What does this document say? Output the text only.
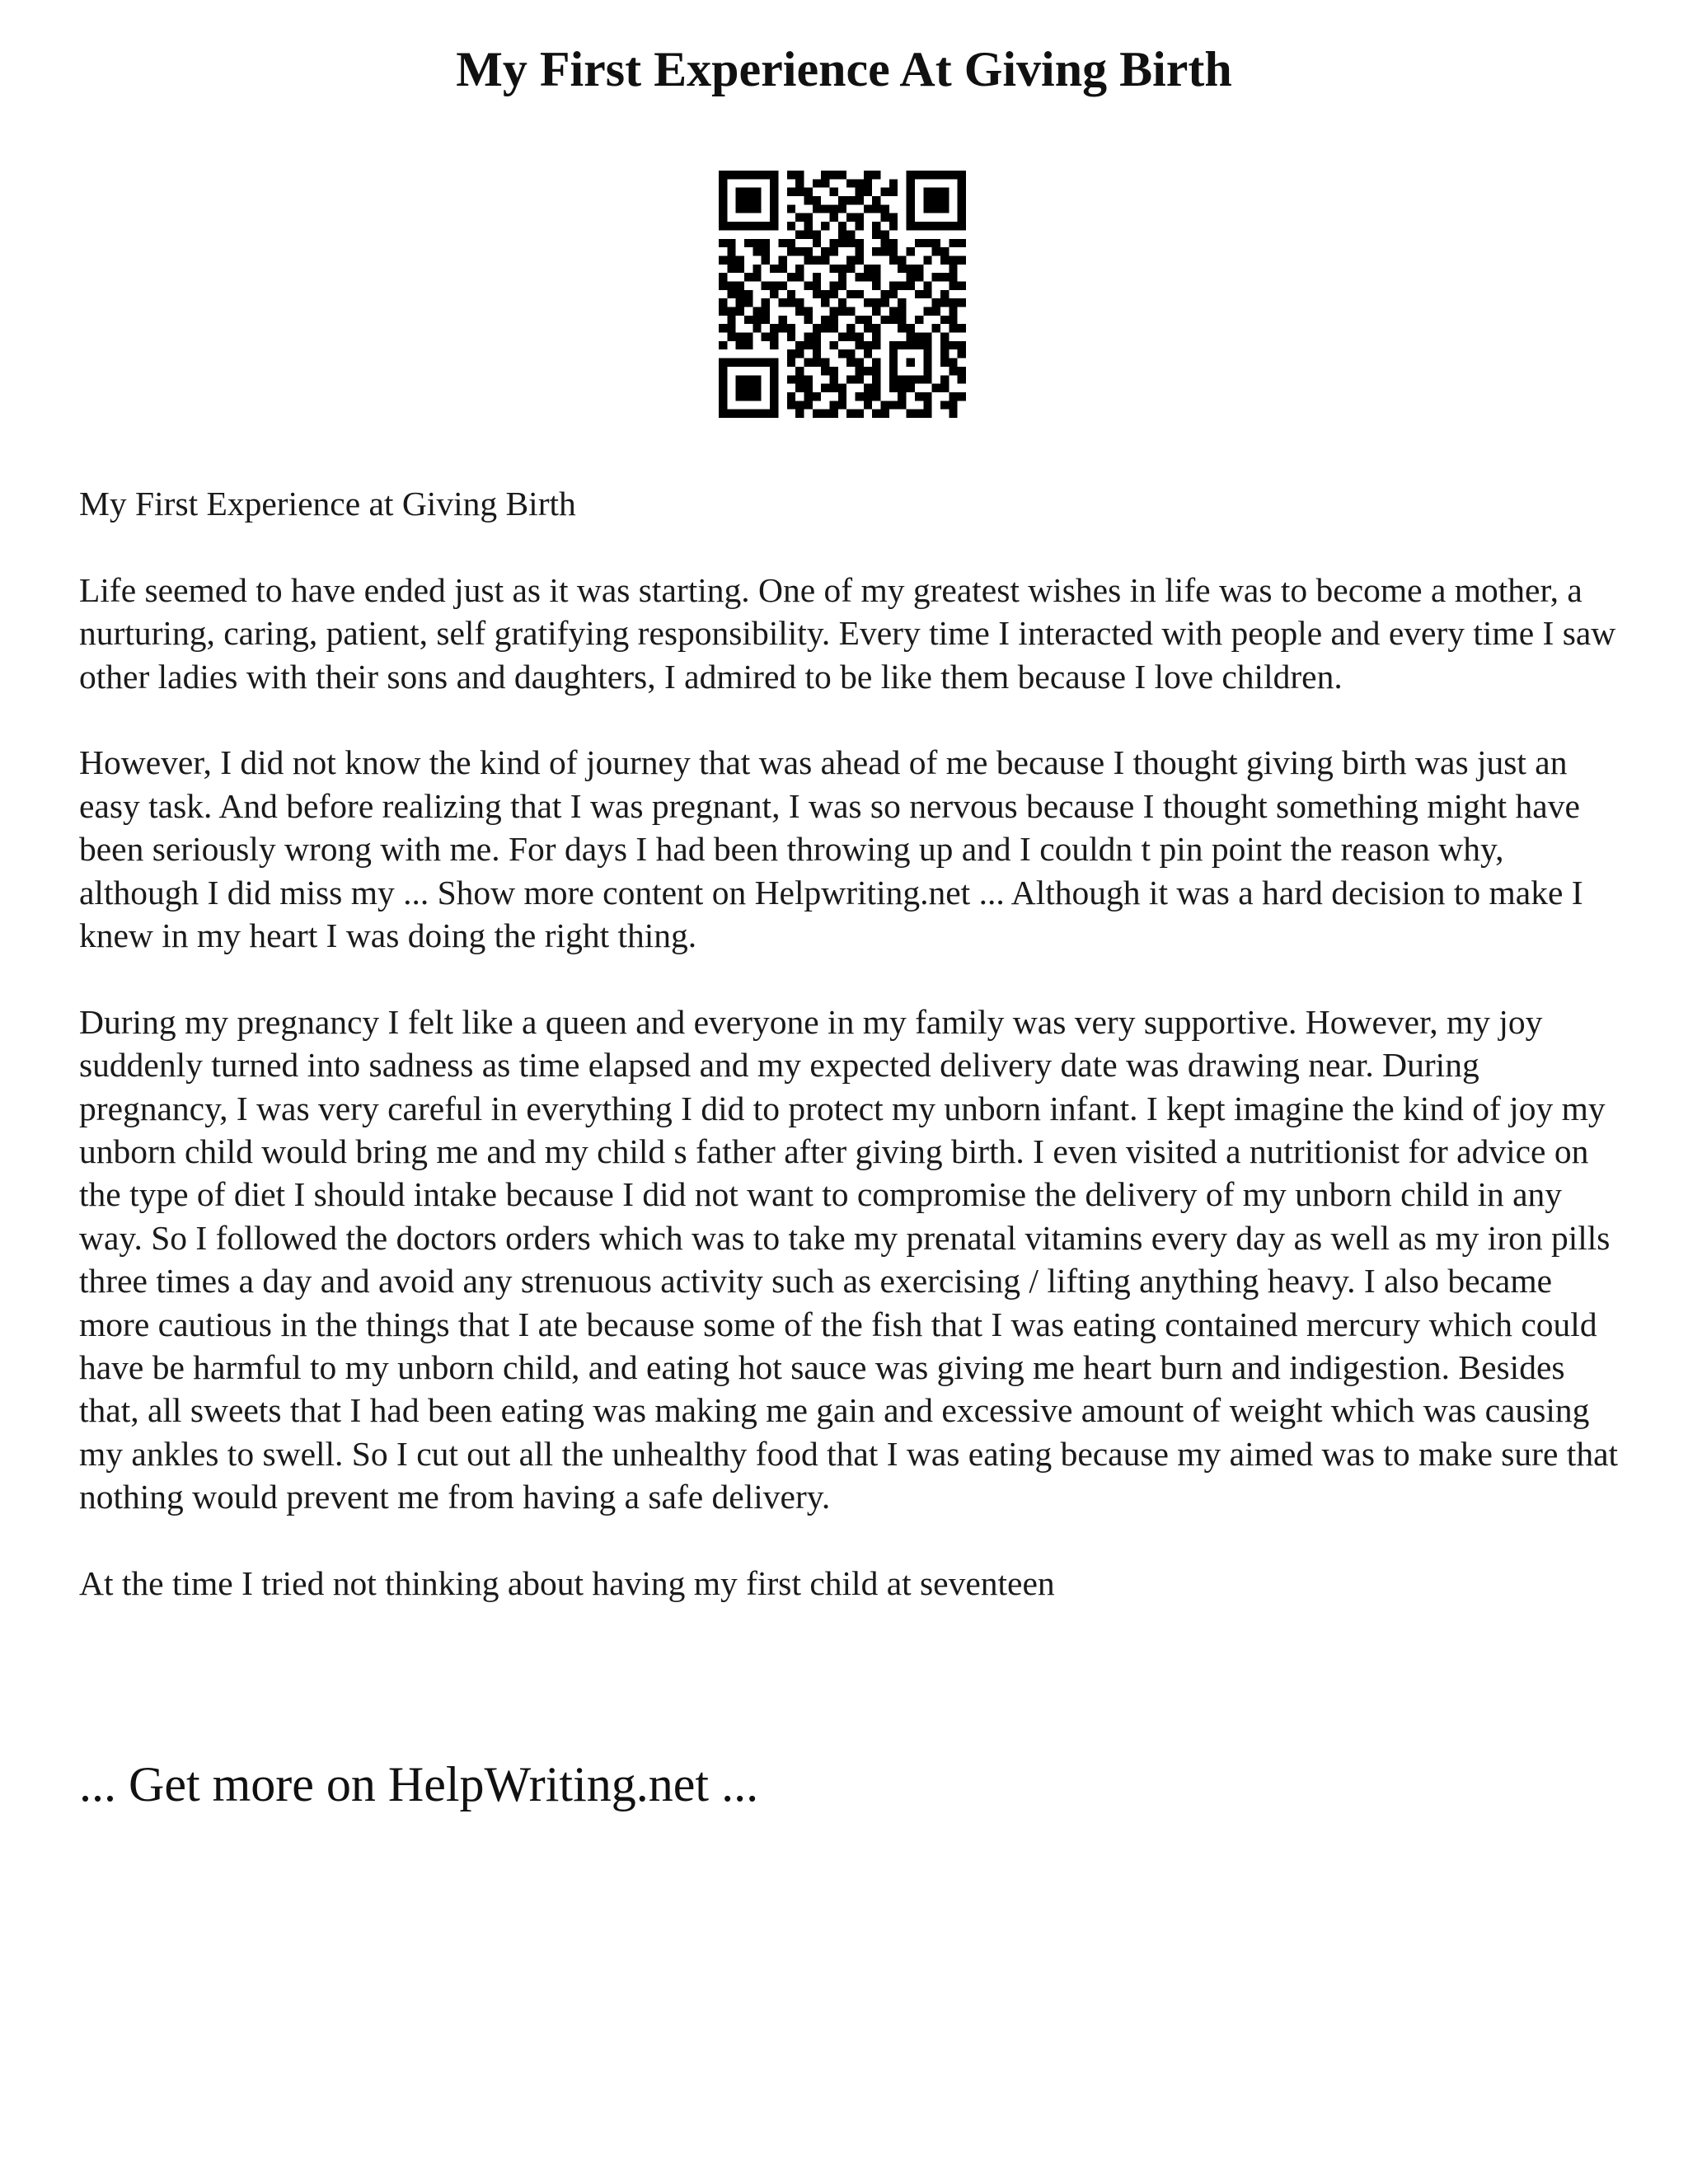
My First Experience At Giving Birth

My First Experience at Giving Birth

Life seemed to have ended just as it was starting. One of my greatest wishes in life was to become a mother, a nurturing, caring, patient, self gratifying responsibility. Every time I interacted with people and every time I saw other ladies with their sons and daughters, I admired to be like them because I love children.

However, I did not know the kind of journey that was ahead of me because I thought giving birth was just an easy task. And before realizing that I was pregnant, I was so nervous because I thought something might have been seriously wrong with me. For days I had been throwing up and I couldn t pin point the reason why, although I did miss my ... Show more content on Helpwriting.net ... Although it was a hard decision to make I knew in my heart I was doing the right thing.

During my pregnancy I felt like a queen and everyone in my family was very supportive. However, my joy suddenly turned into sadness as time elapsed and my expected delivery date was drawing near. During pregnancy, I was very careful in everything I did to protect my unborn infant. I kept imagine the kind of joy my unborn child would bring me and my child s father after giving birth. I even visited a nutritionist for advice on the type of diet I should intake because I did not want to compromise the delivery of my unborn child in any way. So I followed the doctors orders which was to take my prenatal vitamins every day as well as my iron pills three times a day and avoid any strenuous activity such as exercising / lifting anything heavy. I also became more cautious in the things that I ate because some of the fish that I was eating contained mercury which could have be harmful to my unborn child, and eating hot sauce was giving me heart burn and indigestion. Besides that, all sweets that I had been eating was making me gain and excessive amount of weight which was causing my ankles to swell. So I cut out all the unhealthy food that I was eating because my aimed was to make sure that nothing would prevent me from having a safe delivery.

At the time I tried not thinking about having my first child at seventeen

... Get more on HelpWriting.net ...
